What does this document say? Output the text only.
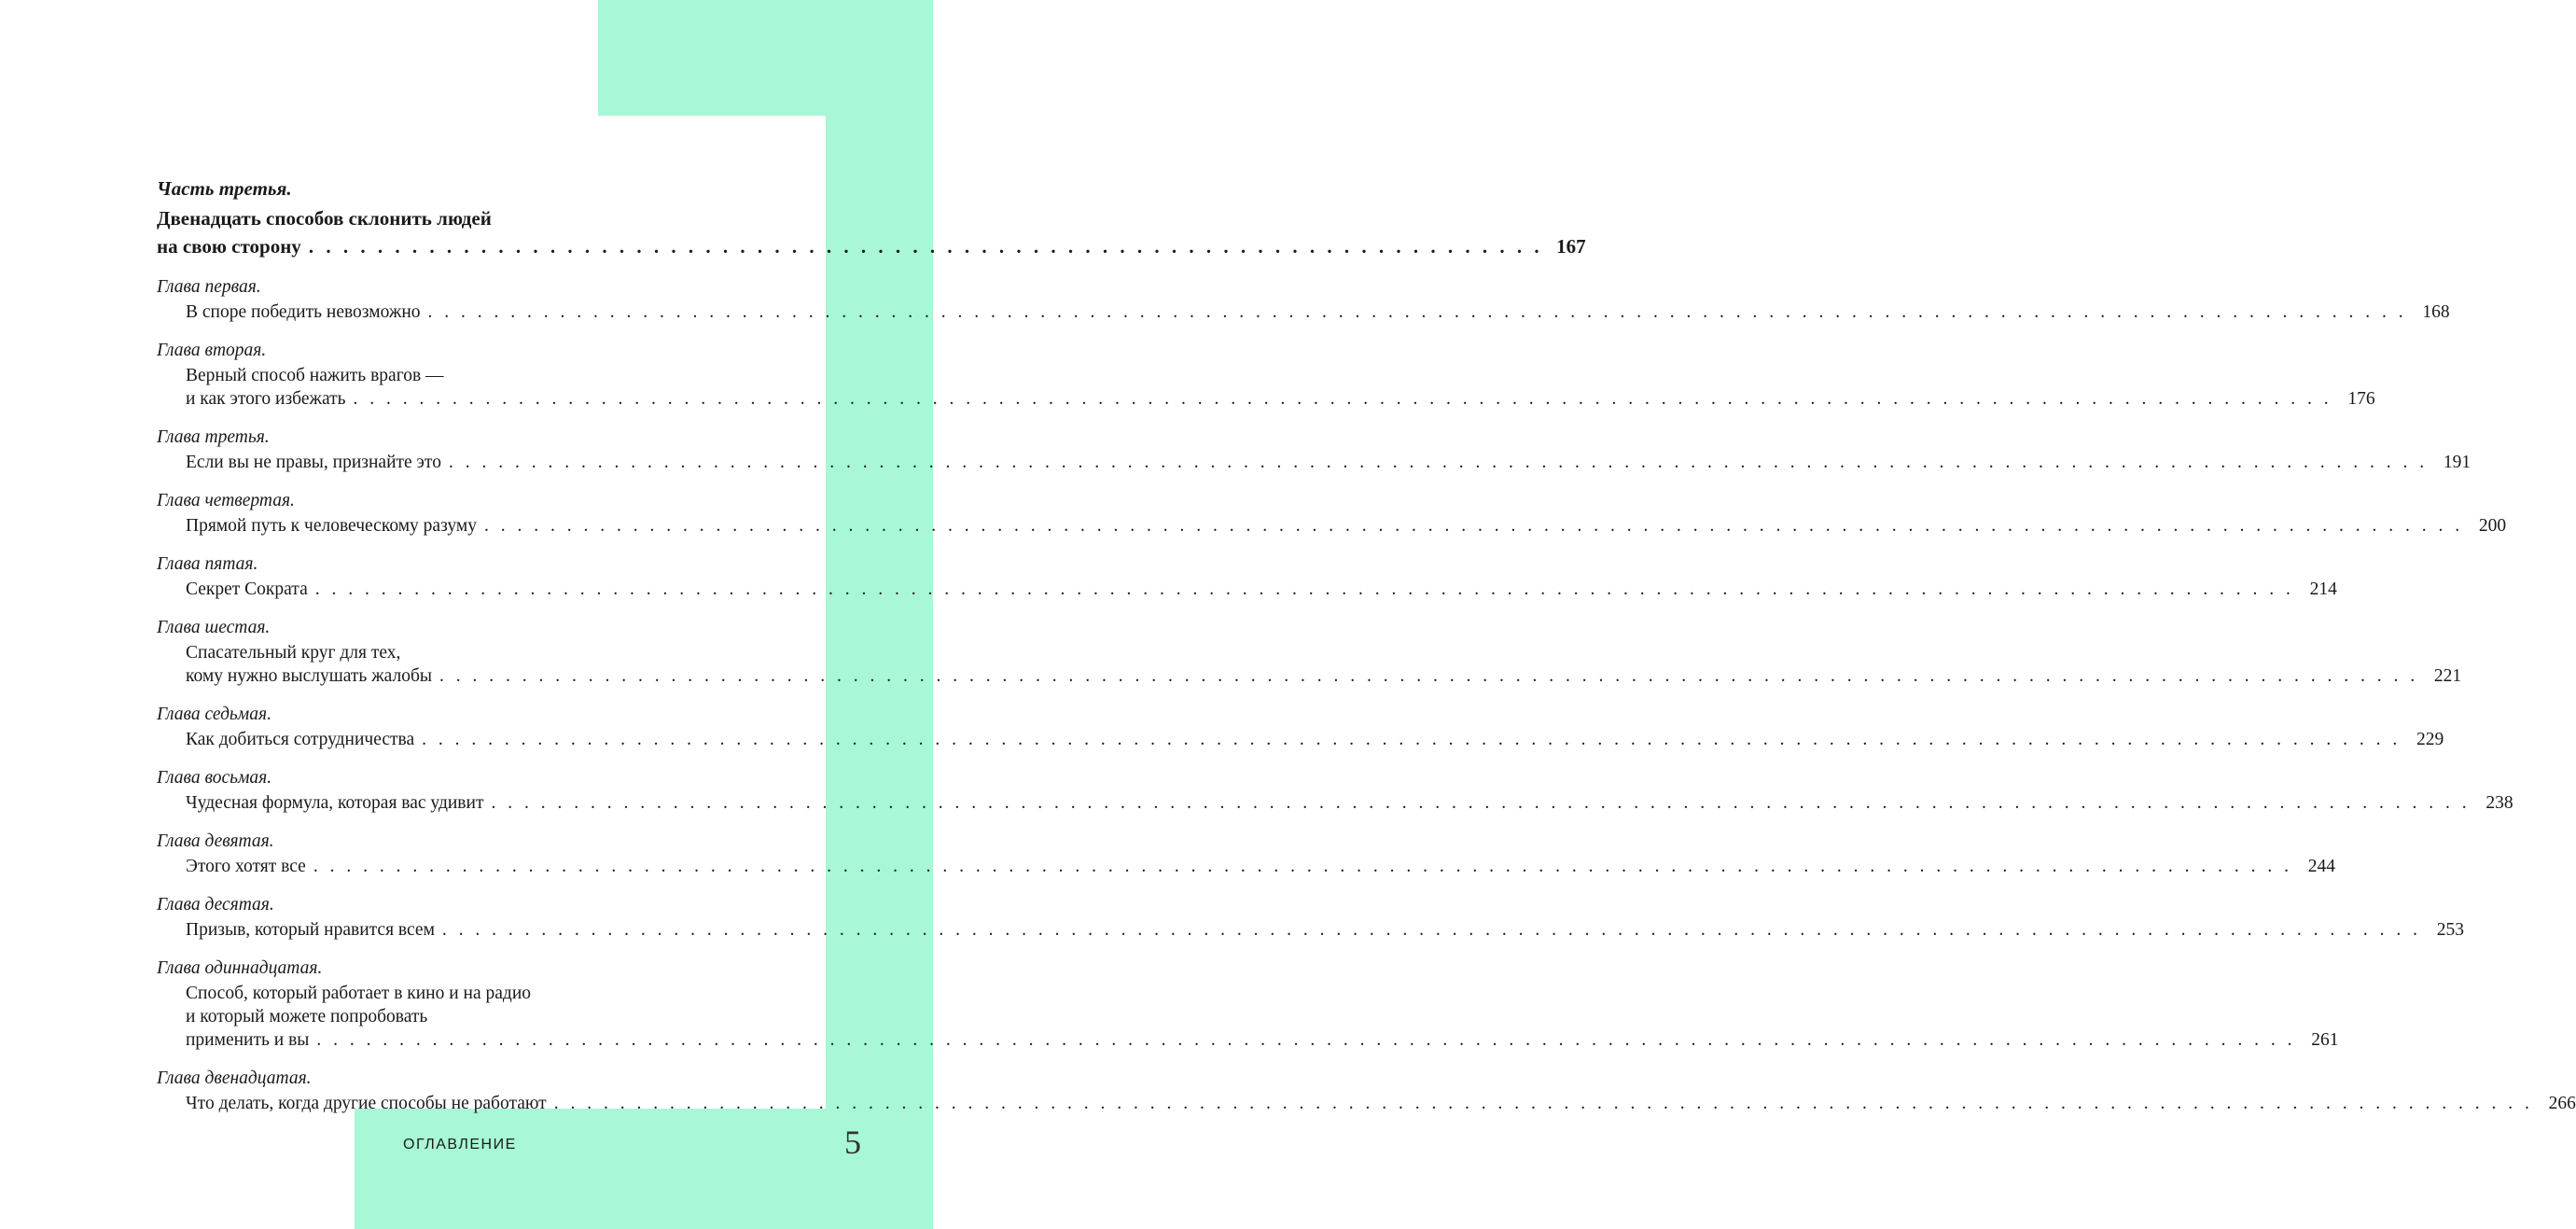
Часть третья.
Двенадцать способов склонить людей
на свою сторону . . . . . . . . . . . . . . . . . . . . . . . . . . . . . . . . . . . . . . . . . . . . . . . . . . . . . . . . . . . . . . . . . . . . . . . . 167
Глава первая.
В споре победить невозможно . . . . . . . . . . . . . . . . . . . . . . . . . . . . . . . . . . . . . . . . . . . . . . . . . . . . . . . . . . . . . . . . . . . . . . . . . . . . . . . . . . . . . . . . . . . . . . . . . . . . . . . . . . . . . . . . . . . . . . . . 168
Глава вторая.
Верный способ нажить врагов —
и как этого избежать . . . . . . . . . . . . . . . . . . . . . . . . . . . . . . . . . . . . . . . . . . . . . . . . . . . . . . . . . . . . . . . . . . . . . . . . . . . . . . . . . . . . . . . . . . . . . . . . . . . . . . . . . . . . . . . . . . . . . . . . 176
Глава третья.
Если вы не правы, признайте это . . . . . . . . . . . . . . . . . . . . . . . . . . . . . . . . . . . . . . . . . . . . . . . . . . . . . . . . . . . . . . . . . . . . . . . . . . . . . . . . . . . . . . . . . . . . . . . . . . . . . . . . . . . . . . . . . . . . . . . . 191
Глава четвертая.
Прямой путь к человеческому разуму . . . . . . . . . . . . . . . . . . . . . . . . . . . . . . . . . . . . . . . . . . . . . . . . . . . . . . . . . . . . . . . . . . . . . . . . . . . . . . . . . . . . . . . . . . . . . . . . . . . . . . . . . . . . . . . . . . . . . . . . 200
Глава пятая.
Секрет Сократа . . . . . . . . . . . . . . . . . . . . . . . . . . . . . . . . . . . . . . . . . . . . . . . . . . . . . . . . . . . . . . . . . . . . . . . . . . . . . . . . . . . . . . . . . . . . . . . . . . . . . . . . . . . . . . . . . . . . . . . . 214
Глава шестая.
Спасательный круг для тех,
кому нужно выслушать жалобы . . . . . . . . . . . . . . . . . . . . . . . . . . . . . . . . . . . . . . . . . . . . . . . . . . . . . . . . . . . . . . . . . . . . . . . . . . . . . . . . . . . . . . . . . . . . . . . . . . . . . . . . . . . . . . . . . . . . . . . . 221
Глава седьмая.
Как добиться сотрудничества . . . . . . . . . . . . . . . . . . . . . . . . . . . . . . . . . . . . . . . . . . . . . . . . . . . . . . . . . . . . . . . . . . . . . . . . . . . . . . . . . . . . . . . . . . . . . . . . . . . . . . . . . . . . . . . . . . . . . . . . 229
Глава восьмая.
Чудесная формула, которая вас удивит . . . . . . . . . . . . . . . . . . . . . . . . . . . . . . . . . . . . . . . . . . . . . . . . . . . . . . . . . . . . . . . . . . . . . . . . . . . . . . . . . . . . . . . . . . . . . . . . . . . . . . . . . . . . . . . . . . . . . . . . 238
Глава девятая.
Этого хотят все . . . . . . . . . . . . . . . . . . . . . . . . . . . . . . . . . . . . . . . . . . . . . . . . . . . . . . . . . . . . . . . . . . . . . . . . . . . . . . . . . . . . . . . . . . . . . . . . . . . . . . . . . . . . . . . . . . . . . . . . 244
Глава десятая.
Призыв, который нравится всем . . . . . . . . . . . . . . . . . . . . . . . . . . . . . . . . . . . . . . . . . . . . . . . . . . . . . . . . . . . . . . . . . . . . . . . . . . . . . . . . . . . . . . . . . . . . . . . . . . . . . . . . . . . . . . . . . . . . . . . . 253
Глава одиннадцатая.
Способ, который работает в кино и на радио
и который можете попробовать
применить и вы . . . . . . . . . . . . . . . . . . . . . . . . . . . . . . . . . . . . . . . . . . . . . . . . . . . . . . . . . . . . . . . . . . . . . . . . . . . . . . . . . . . . . . . . . . . . . . . . . . . . . . . . . . . . . . . . . . . . . . . . 261
Глава двенадцатая.
Что делать, когда другие способы не работают . . . . . . . . . . . . . . . . . . . . . . . . . . . . . . . . . . . . . . . . . . . . . . . . . . . . . . . . . . . . . . . . . . . . . . . . . . . . . . . . . . . . . . . . . . . . . . . . . . . . . . . . . . . . . . . . . . . . . . . . 266
ОГЛАВЛЕНИЕ	5
